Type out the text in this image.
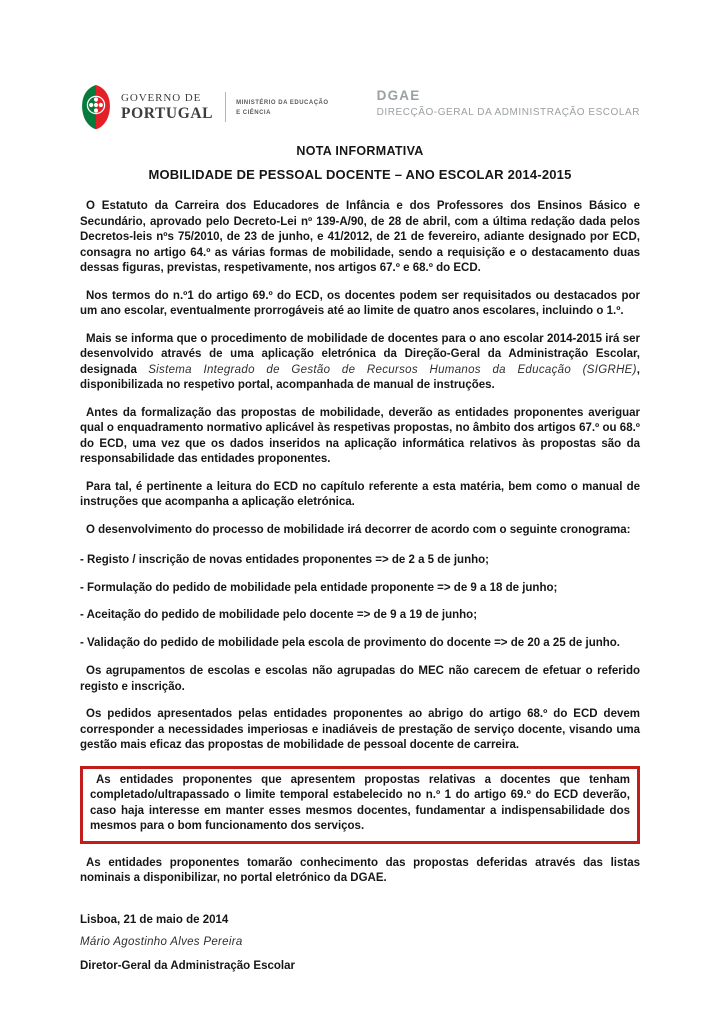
GOVERNO DE
PORTUGAL
MINISTÉRIO DA EDUCAÇÃO
E CIÊNCIA
DGAE
DIRECÇÃO-GERAL DA ADMINISTRAÇÃO ESCOLAR
NOTA INFORMATIVA
MOBILIDADE DE PESSOAL DOCENTE – ANO ESCOLAR 2014-2015

O Estatuto da Carreira dos Educadores de Infância e dos Professores dos Ensinos Básico e Secundário, aprovado pelo Decreto-Lei nº 139-A/90, de 28 de abril, com a última redação dada pelos Decretos-leis nºs 75/2010, de 23 de junho, e 41/2012, de 21 de fevereiro, adiante designado por ECD, consagra no artigo 64.º as várias formas de mobilidade, sendo a requisição e o destacamento duas dessas figuras, previstas, respetivamente, nos artigos 67.º e 68.º do ECD.

Nos termos do n.º1 do artigo 69.º do ECD, os docentes podem ser requisitados ou destacados por um ano escolar, eventualmente prorrogáveis até ao limite de quatro anos escolares, incluindo o 1.º.

Mais se informa que o procedimento de mobilidade de docentes para o ano escolar 2014-2015 irá ser desenvolvido através de uma aplicação eletrónica da Direção-Geral da Administração Escolar, designada Sistema Integrado de Gestão de Recursos Humanos da Educação (SIGRHE), disponibilizada no respetivo portal, acompanhada de manual de instruções.

Antes da formalização das propostas de mobilidade, deverão as entidades proponentes averiguar qual o enquadramento normativo aplicável às respetivas propostas, no âmbito dos artigos 67.º ou 68.º do ECD, uma vez que os dados inseridos na aplicação informática relativos às propostas são da responsabilidade das entidades proponentes.

Para tal, é pertinente a leitura do ECD no capítulo referente a esta matéria, bem como o manual de instruções que acompanha a aplicação eletrónica.

O desenvolvimento do processo de mobilidade irá decorrer de acordo com o seguinte cronograma:

- Registo / inscrição de novas entidades proponentes => de 2 a 5 de junho;
- Formulação do pedido de mobilidade pela entidade proponente => de 9 a 18 de junho;
- Aceitação do pedido de mobilidade pelo docente => de 9 a 19 de junho;
- Validação do pedido de mobilidade pela escola de provimento do docente => de 20 a 25 de junho.

Os agrupamentos de escolas e escolas não agrupadas do MEC não carecem de efetuar o referido registo e inscrição.

Os pedidos apresentados pelas entidades proponentes ao abrigo do artigo 68.º do ECD devem corresponder a necessidades imperiosas e inadiáveis de prestação de serviço docente, visando uma gestão mais eficaz das propostas de mobilidade de pessoal docente de carreira.

As entidades proponentes que apresentem propostas relativas a docentes que tenham completado/ultrapassado o limite temporal estabelecido no n.º 1 do artigo 69.º do ECD deverão, caso haja interesse em manter esses mesmos docentes, fundamentar a indispensabilidade dos mesmos para o bom funcionamento dos serviços.

As entidades proponentes tomarão conhecimento das propostas deferidas através das listas nominais a disponibilizar, no portal eletrónico da DGAE.

Lisboa, 21 de maio de 2014
Mário Agostinho Alves Pereira
Diretor-Geral da Administração Escolar
